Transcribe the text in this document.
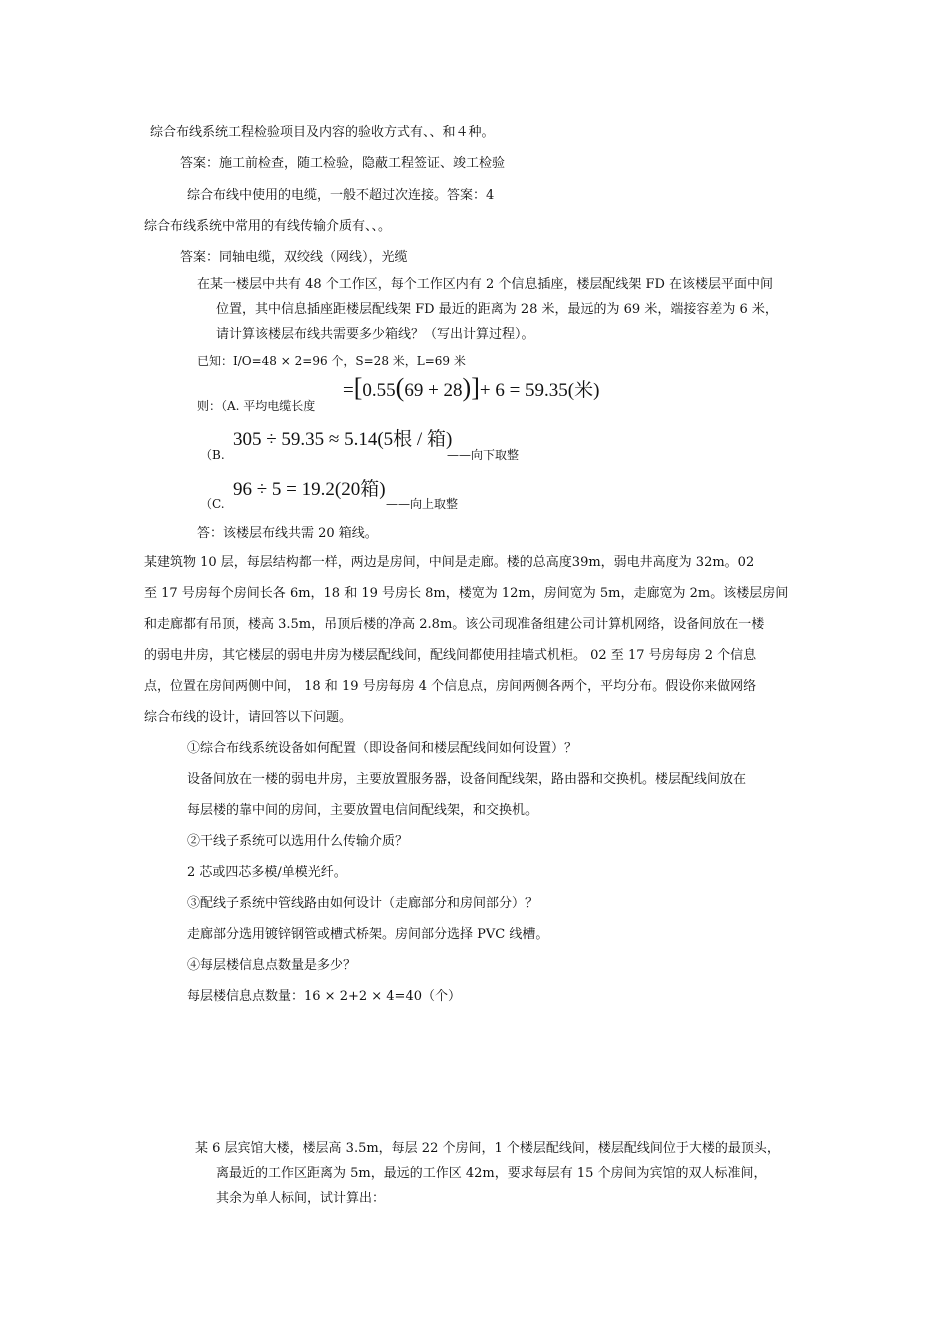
综合布线系统工程检验项目及内容的验收方式有、、和４种。
答案：施工前检查，随工检验，隐蔽工程签证、竣工检验
综合布线中使用的电缆，一般不超过次连接。答案：4
综合布线系统中常用的有线传输介质有、、。
答案：同轴电缆，双绞线（网线），光缆
在某一楼层中共有 48 个工作区，每个工作区内有 2 个信息插座，楼层配线架 FD 在该楼层平面中间
位置，其中信息插座距楼层配线架 FD 最近的距离为 28 米，最远的为 69 米，端接容差为 6 米，
请计算该楼层布线共需要多少箱线？（写出计算过程）。
已知：I/O=48 × 2=96 个，S=28 米，L=69 米
则：（A. 平均电缆长度
=[0.55(69 + 28)]+ 6 = 59.35(米)
（B.
305 ÷ 59.35 ≈ 5.14(5根 / 箱)
——向下取整
（C.
96 ÷ 5 = 19.2(20箱)
——向上取整
答：该楼层布线共需 20 箱线。
某建筑物 10 层，每层结构都一样，两边是房间，中间是走廊。楼的总高度39m，弱电井高度为 32m。02
至 17 号房每个房间长各 6m，18 和 19 号房长 8m，楼宽为 12m，房间宽为 5m，走廊宽为 2m。该楼层房间
和走廊都有吊顶，楼高 3.5m，吊顶后楼的净高 2.8m。该公司现准备组建公司计算机网络，设备间放在一楼
的弱电井房，其它楼层的弱电井房为楼层配线间，配线间都使用挂墙式机柜。 02 至 17 号房每房 2 个信息
点，位置在房间两侧中间， 18 和 19 号房每房 4 个信息点，房间两侧各两个，平均分布。假设你来做网络
综合布线的设计，请回答以下问题。
①综合布线系统设备如何配置（即设备间和楼层配线间如何设置）？
设备间放在一楼的弱电井房，主要放置服务器，设备间配线架，路由器和交换机。楼层配线间放在
每层楼的靠中间的房间，主要放置电信间配线架，和交换机。
②干线子系统可以选用什么传输介质？
2 芯或四芯多模/单模光纤。
③配线子系统中管线路由如何设计（走廊部分和房间部分）？
走廊部分选用镀锌钢管或槽式桥架。房间部分选择 PVC 线槽。
④每层楼信息点数量是多少？
每层楼信息点数量：16 × 2+2 × 4=40（个）
某 6 层宾馆大楼，楼层高 3.5m，每层 22 个房间，1 个楼层配线间，楼层配线间位于大楼的最顶头，
离最近的工作区距离为 5m，最远的工作区 42m，要求每层有 15 个房间为宾馆的双人标准间，
其余为单人标间，试计算出：
